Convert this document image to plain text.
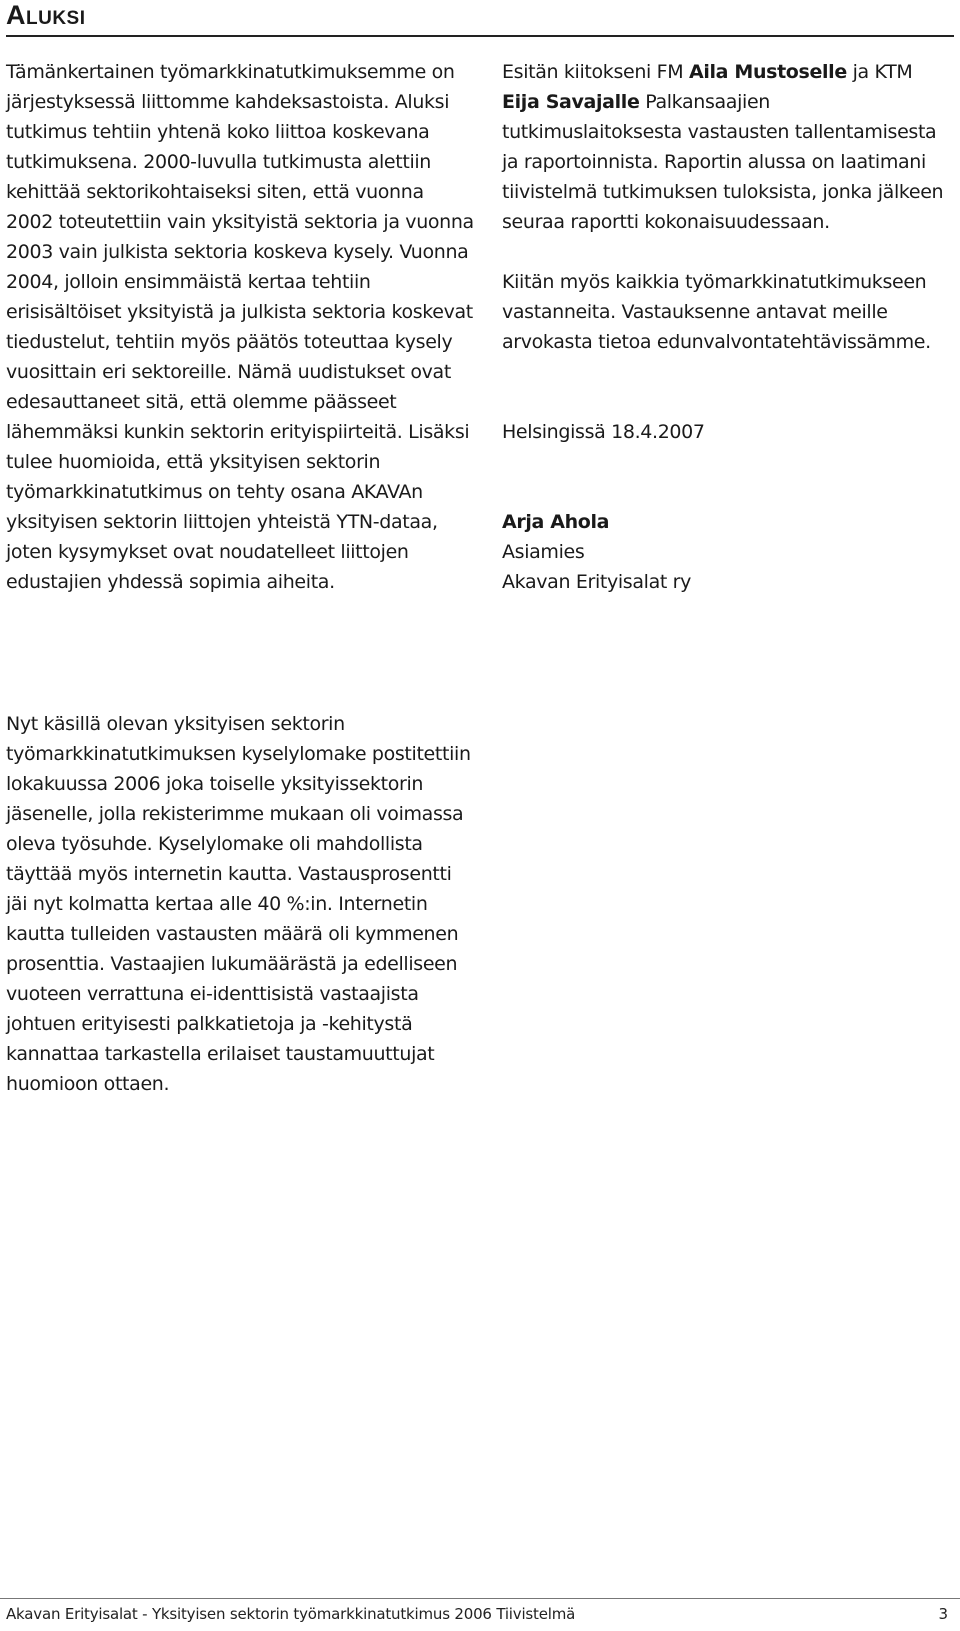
Aluksi

Tämänkertainen työmarkkinatutkimuksemme on järjestyksessä liittomme kahdeksastoista. Aluksi tutkimus tehtiin yhtenä koko liittoa koskevana tutkimuksena. 2000-luvulla tutkimusta alettiin kehittää sektorikohtaiseksi siten, että vuonna 2002 toteutettiin vain yksityistä sektoria ja vuonna 2003 vain julkista sektoria koskeva kysely. Vuonna 2004, jolloin ensimmäistä kertaa tehtiin erisisältöiset yksityistä ja julkista sektoria koskevat tiedustelut, tehtiin myös päätös toteuttaa kysely vuosittain eri sektoreille. Nämä uudistukset ovat edesauttaneet sitä, että olemme päässeet lähemmäksi kunkin sektorin erityispiirteitä. Lisäksi tulee huomioida, että yksityisen sektorin työmarkkinatutkimus on tehty osana AKAVAn yksityisen sektorin liittojen yhteistä YTN-dataa, joten kysymykset ovat noudatelleet liittojen edustajien yhdessä sopimia aiheita.

Nyt käsillä olevan yksityisen sektorin työmarkkinatutkimuksen kyselylomake postitettiin lokakuussa 2006 joka toiselle yksityissektorin jäsenelle, jolla rekisterimme mukaan oli voimassa oleva työsuhde. Kyselylomake oli mahdollista täyttää myös internetin kautta. Vastausprosentti jäi nyt kolmatta kertaa alle 40 %:in. Internetin kautta tulleiden vastausten määrä oli kymmenen prosenttia. Vastaajien lukumäärästä ja edelliseen vuoteen verrattuna ei-identtisistä vastaajista johtuen erityisesti palkkatietoja ja -kehitystä kannattaa tarkastella erilaiset taustamuuttujat huomioon ottaen.

Esitän kiitokseni FM Aila Mustoselle ja KTM Eija Savajalle Palkansaajien tutkimuslaitoksesta vastausten tallentamisesta ja raportoinnista. Raportin alussa on laatimani tiivistelmä tutkimuksen tuloksista, jonka jälkeen seuraa raportti kokonaisuudessaan.

Kiitän myös kaikkia työmarkkinatutkimukseen vastanneita. Vastauksenne antavat meille arvokasta tietoa edunvalvontatehtävissämme.

Helsingissä 18.4.2007

Arja Ahola

Asiamies

Akavan Erityisalat ry

Akavan Erityisalat - Yksityisen sektorin työmarkkinatutkimus 2006 Tiivistelmä	3
